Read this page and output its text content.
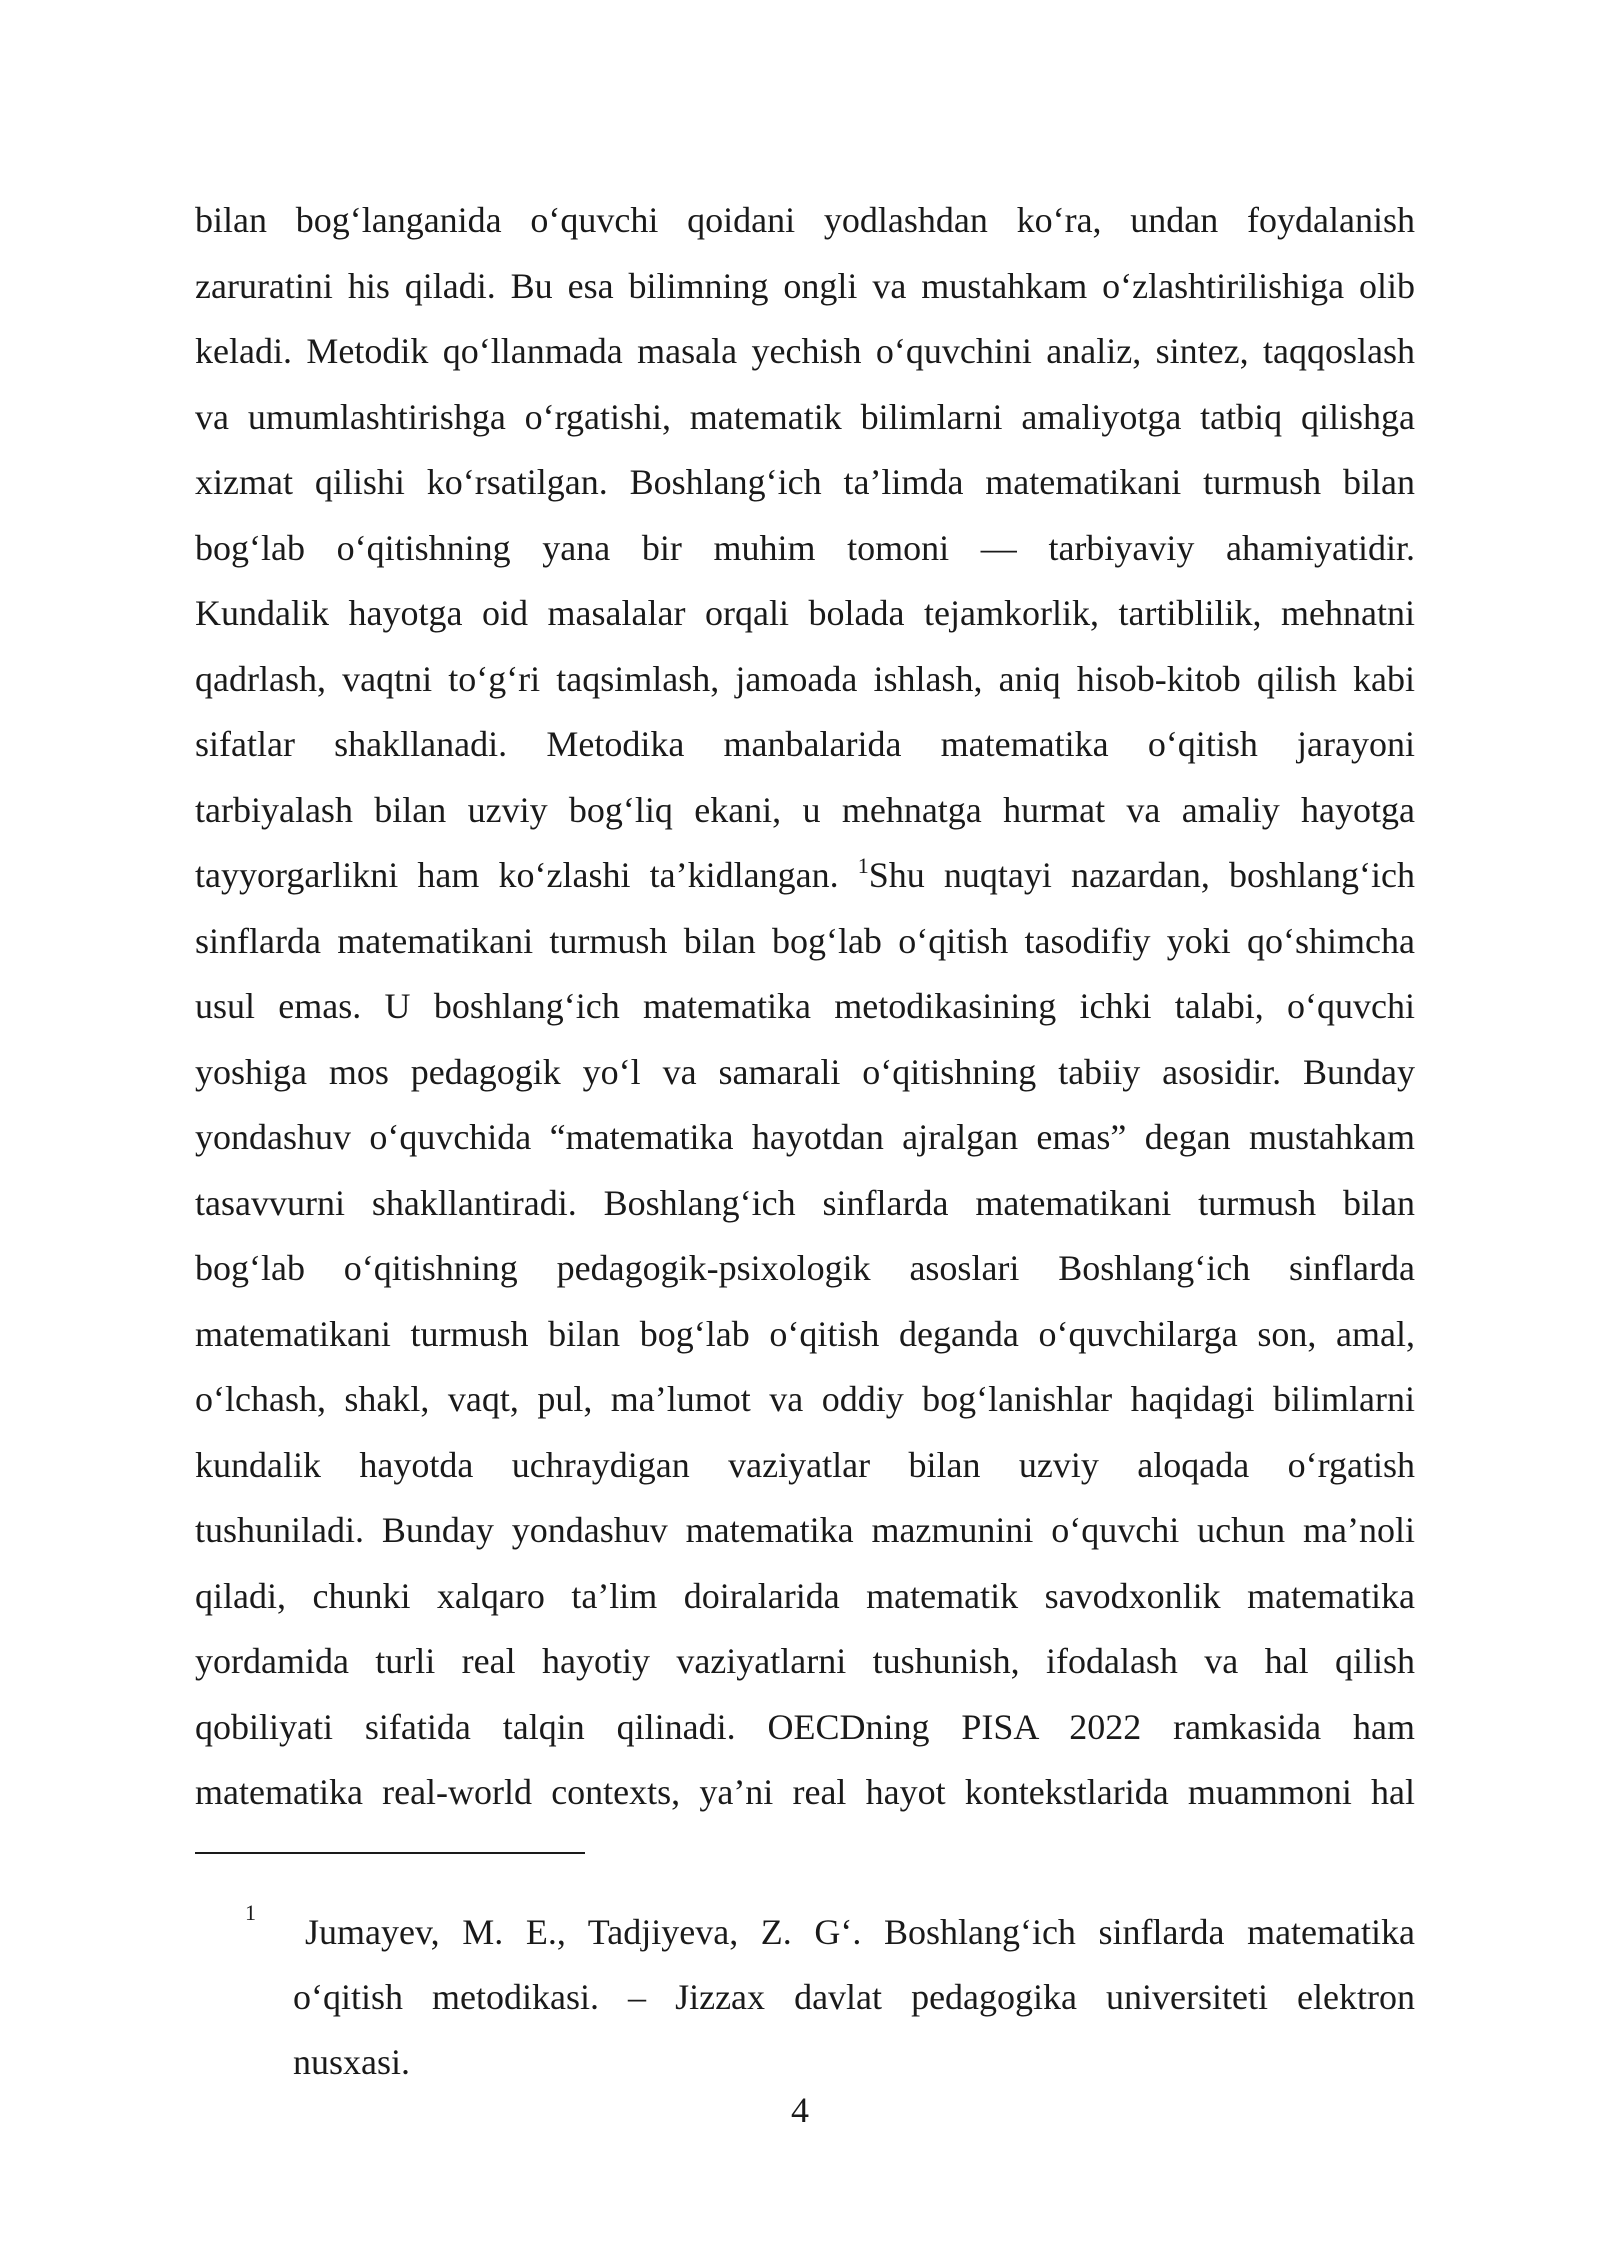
bilan bog‘langanida o‘quvchi qoidani yodlashdan ko‘ra, undan foydalanish
zaruratini his qiladi. Bu esa bilimning ongli va mustahkam o‘zlashtirilishiga olib
keladi. Metodik qo‘llanmada masala yechish o‘quvchini analiz, sintez, taqqoslash
va umumlashtirishga o‘rgatishi, matematik bilimlarni amaliyotga tatbiq qilishga
xizmat qilishi ko‘rsatilgan. Boshlang‘ich ta’limda matematikani turmush bilan
bog‘lab o‘qitishning yana bir muhim tomoni — tarbiyaviy ahamiyatidir.
Kundalik hayotga oid masalalar orqali bolada tejamkorlik, tartiblilik, mehnatni
qadrlash, vaqtni to‘g‘ri taqsimlash, jamoada ishlash, aniq hisob-kitob qilish kabi
sifatlar shakllanadi. Metodika manbalarida matematika o‘qitish jarayoni
tarbiyalash bilan uzviy bog‘liq ekani, u mehnatga hurmat va amaliy hayotga
tayyorgarlikni ham ko‘zlashi ta’kidlangan. $^1$Shu nuqtayi nazardan, boshlang‘ich
sinflarda matematikani turmush bilan bog‘lab o‘qitish tasodifiy yoki qo‘shimcha
usul emas. U boshlang‘ich matematika metodikasining ichki talabi, o‘quvchi
yoshiga mos pedagogik yo‘l va samarali o‘qitishning tabiiy asosidir. Bunday
yondashuv o‘quvchida “matematika hayotdan ajralgan emas” degan mustahkam
tasavvurni shakllantiradi. Boshlang‘ich sinflarda matematikani turmush bilan
bog‘lab o‘qitishning pedagogik-psixologik asoslari Boshlang‘ich sinflarda
matematikani turmush bilan bog‘lab o‘qitish deganda o‘quvchilarga son, amal,
o‘lchash, shakl, vaqt, pul, ma’lumot va oddiy bog‘lanishlar haqidagi bilimlarni
kundalik hayotda uchraydigan vaziyatlar bilan uzviy aloqada o‘rgatish
tushuniladi. Bunday yondashuv matematika mazmunini o‘quvchi uchun ma’noli
qiladi, chunki xalqaro ta’lim doiralarida matematik savodxonlik matematika
yordamida turli real hayotiy vaziyatlarni tushunish, ifodalash va hal qilish
qobiliyati sifatida talqin qilinadi. OECDning PISA 2022 ramkasida ham
matematika real-world contexts, ya’ni real hayot kontekstlarida muammoni hal
1	Jumayev, M. E., Tadjiyeva, Z. G‘. Boshlang‘ich sinflarda matematika
o‘qitish metodikasi. – Jizzax davlat pedagogika universiteti elektron
nusxasi.
4
